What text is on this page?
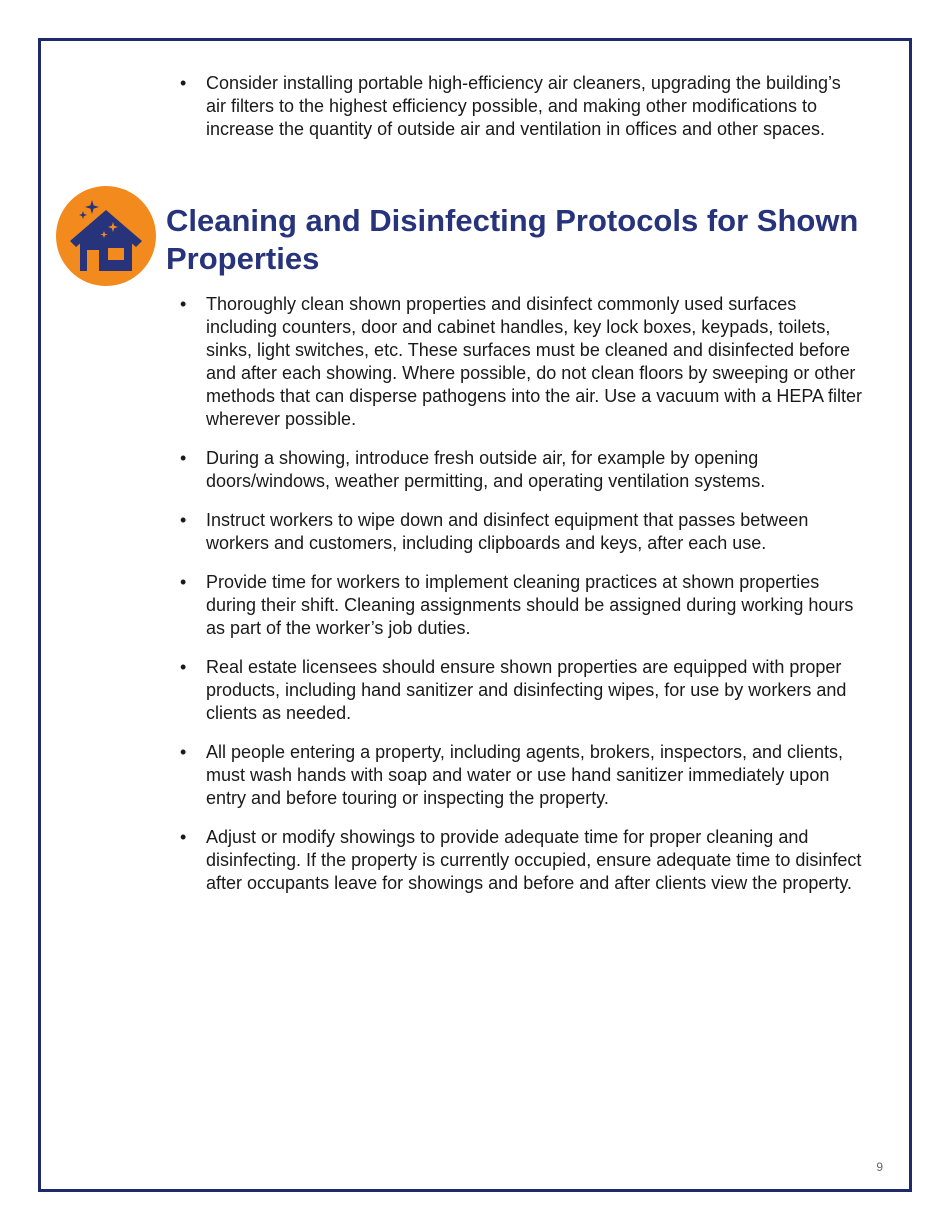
• Consider installing portable high-efficiency air cleaners, upgrading the building’s air filters to the highest efficiency possible, and making other modifications to increase the quantity of outside air and ventilation in offices and other spaces.
Cleaning and Disinfecting Protocols for Shown Properties
• Thoroughly clean shown properties and disinfect commonly used surfaces including counters, door and cabinet handles, key lock boxes, keypads, toilets, sinks, light switches, etc. These surfaces must be cleaned and disinfected before and after each showing. Where possible, do not clean floors by sweeping or other methods that can disperse pathogens into the air. Use a vacuum with a HEPA filter wherever possible.
• During a showing, introduce fresh outside air, for example by opening doors/windows, weather permitting, and operating ventilation systems.
• Instruct workers to wipe down and disinfect equipment that passes between workers and customers, including clipboards and keys, after each use.
• Provide time for workers to implement cleaning practices at shown properties during their shift. Cleaning assignments should be assigned during working hours as part of the worker’s job duties.
• Real estate licensees should ensure shown properties are equipped with proper products, including hand sanitizer and disinfecting wipes, for use by workers and clients as needed.
• All people entering a property, including agents, brokers, inspectors, and clients, must wash hands with soap and water or use hand sanitizer immediately upon entry and before touring or inspecting the property.
• Adjust or modify showings to provide adequate time for proper cleaning and disinfecting. If the property is currently occupied, ensure adequate time to disinfect after occupants leave for showings and before and after clients view the property.
9
